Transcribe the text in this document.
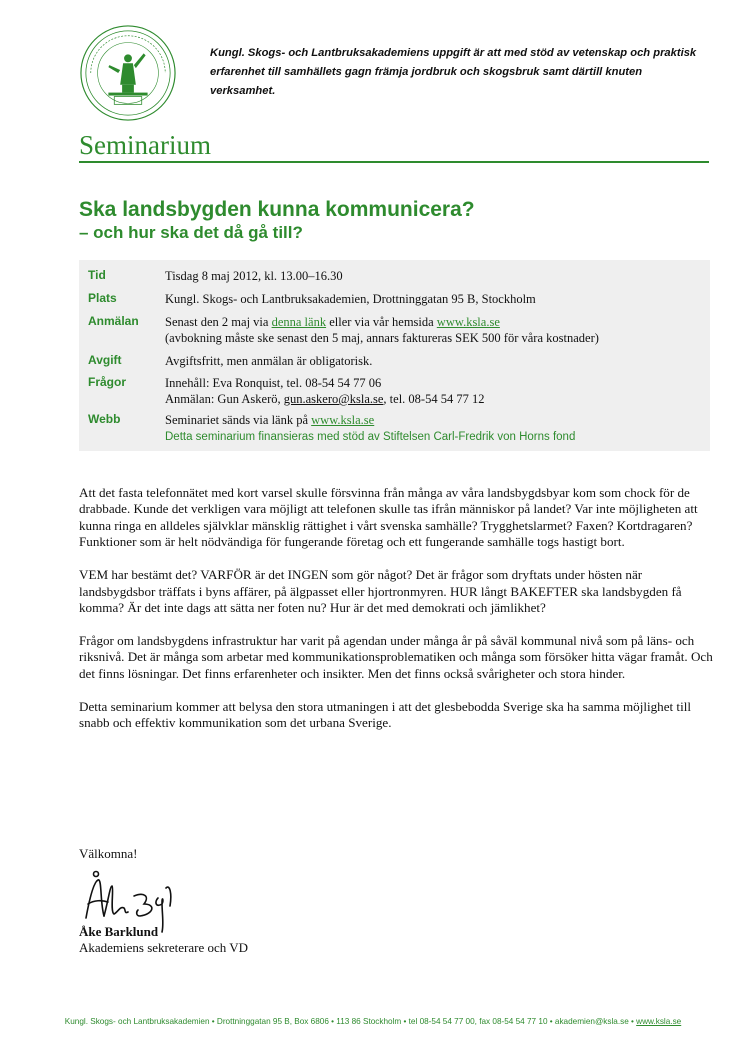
Kungl. Skogs- och Lantbruksakademiens uppgift är att med stöd av vetenskap och praktisk erfarenhet till samhällets gagn främja jordbruk och skogsbruk samt därtill knuten verksamhet.
Seminarium
Ska landsbygden kunna kommunicera?
– och hur ska det då gå till?
Tid	Tisdag 8 maj 2012, kl. 13.00–16.30
Plats	Kungl. Skogs- och Lantbruksakademien, Drottninggatan 95 B, Stockholm
Anmälan Senast den 2 maj via denna länk eller via vår hemsida www.ksla.se
(avbokning måste ske senast den 5 maj, annars faktureras SEK 500 för våra kostnader)
Avgift	Avgiftsfritt, men anmälan är obligatorisk.
Frågor	Innehåll: Eva Ronquist, tel. 08-54 54 77 06
Anmälan: Gun Askerö, gun.askero@ksla.se, tel. 08-54 54 77 12
Webb	Seminariet sänds via länk på www.ksla.se
Detta seminarium finansieras med stöd av Stiftelsen Carl-Fredrik von Horns fond

Att det fasta telefonnätet med kort varsel skulle försvinna från många av våra landsbygdsbyar kom som chock för de drabbade. Kunde det verkligen vara möjligt att telefonen skulle tas ifrån människor på landet? Var inte möjligheten att kunna ringa en alldeles självklar mänsklig rättighet i vårt svenska samhälle? Trygghetslarmet? Faxen? Kortdragaren? Funktioner som är helt nödvändiga för fungerande företag och ett fungerande samhälle togs hastigt bort.

VEM har bestämt det? VARFÖR är det INGEN som gör något? Det är frågor som dryftats under hösten när landsbygdsbor träffats i byns affärer, på älgpasset eller hjortronmyren. HUR långt BAKEFTER ska landsbygden få komma? Är det inte dags att sätta ner foten nu? Hur är det med demokrati och jämlikhet?

Frågor om landsbygdens infrastruktur har varit på agendan under många år på såväl kommunal nivå som på läns- och riksnivå. Det är många som arbetar med kommunikationsproblematiken och många som försöker hitta vägar framåt. Och det finns lösningar. Det finns erfarenheter och insikter. Men det finns också svårigheter och stora hinder.

Detta seminarium kommer att belysa den stora utmaningen i att det glesbebodda Sverige ska ha samma möjlighet till snabb och effektiv kommunikation som det urbana Sverige.

Välkomna!
Åke Barklund
Akademiens sekreterare och VD
Kungl. Skogs- och Lantbruksakademien • Drottninggatan 95 B, Box 6806 • 113 86 Stockholm • tel 08-54 54 77 00, fax 08-54 54 77 10 • akademien@ksla.se • www.ksla.se
